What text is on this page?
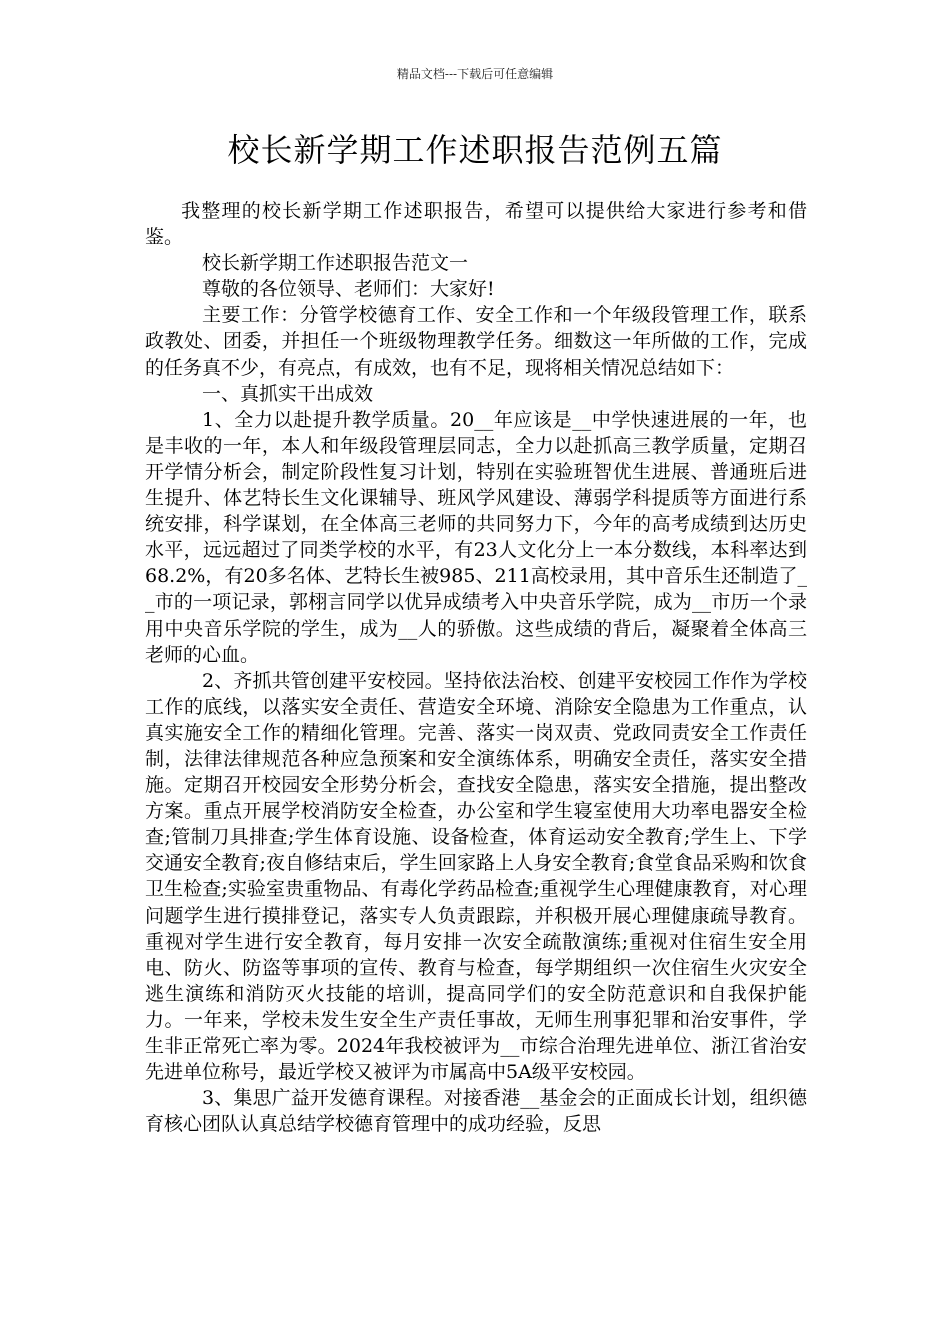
精品文档---下载后可任意编辑
校长新学期工作述职报告范例五篇

我整理的校长新学期工作述职报告，希望可以提供给大家进行参考和借鉴。

校长新学期工作述职报告范文一

尊敬的各位领导、老师们：大家好!

主要工作：分管学校德育工作、安全工作和一个年级段管理工作，联系政教处、团委，并担任一个班级物理教学任务。细数这一年所做的工作，完成的任务真不少，有亮点，有成效，也有不足，现将相关情况总结如下：

一、真抓实干出成效

1、全力以赴提升教学质量。20__年应该是__中学快速进展的一年，也是丰收的一年，本人和年级段管理层同志，全力以赴抓高三教学质量，定期召开学情分析会，制定阶段性复习计划，特别在实验班智优生进展、普通班后进生提升、体艺特长生文化课辅导、班风学风建设、薄弱学科提质等方面进行系统安排，科学谋划，在全体高三老师的共同努力下，今年的高考成绩到达历史水平，远远超过了同类学校的水平，有23人文化分上一本分数线，本科率达到68.2%，有20多名体、艺特长生被985、211高校录用，其中音乐生还制造了__市的一项记录，郭栩言同学以优异成绩考入中央音乐学院，成为__市历一个录用中央音乐学院的学生，成为__人的骄傲。这些成绩的背后，凝聚着全体高三老师的心血。

2、齐抓共管创建平安校园。坚持依法治校、创建平安校园工作作为学校工作的底线，以落实安全责任、营造安全环境、消除安全隐患为工作重点，认真实施安全工作的精细化管理。完善、落实一岗双责、党政同责安全工作责任制，法律法律规范各种应急预案和安全演练体系，明确安全责任，落实安全措施。定期召开校园安全形势分析会，查找安全隐患，落实安全措施，提出整改方案。重点开展学校消防安全检查，办公室和学生寝室使用大功率电器安全检查;管制刀具排查;学生体育设施、设备检查，体育运动安全教育;学生上、下学交通安全教育;夜自修结束后，学生回家路上人身安全教育;食堂食品采购和饮食卫生检查;实验室贵重物品、有毒化学药品检查;重视学生心理健康教育，对心理问题学生进行摸排登记，落实专人负责跟踪，并积极开展心理健康疏导教育。重视对学生进行安全教育，每月安排一次安全疏散演练;重视对住宿生安全用电、防火、防盗等事项的宣传、教育与检查，每学期组织一次住宿生火灾安全逃生演练和消防灭火技能的培训，提高同学们的安全防范意识和自我保护能力。一年来，学校未发生安全生产责任事故，无师生刑事犯罪和治安事件，学生非正常死亡率为零。2024年我校被评为__市综合治理先进单位、浙江省治安先进单位称号，最近学校又被评为市属高中5A级平安校园。

3、集思广益开发德育课程。对接香港__基金会的正面成长计划，组织德育核心团队认真总结学校德育管理中的成功经验，反思
